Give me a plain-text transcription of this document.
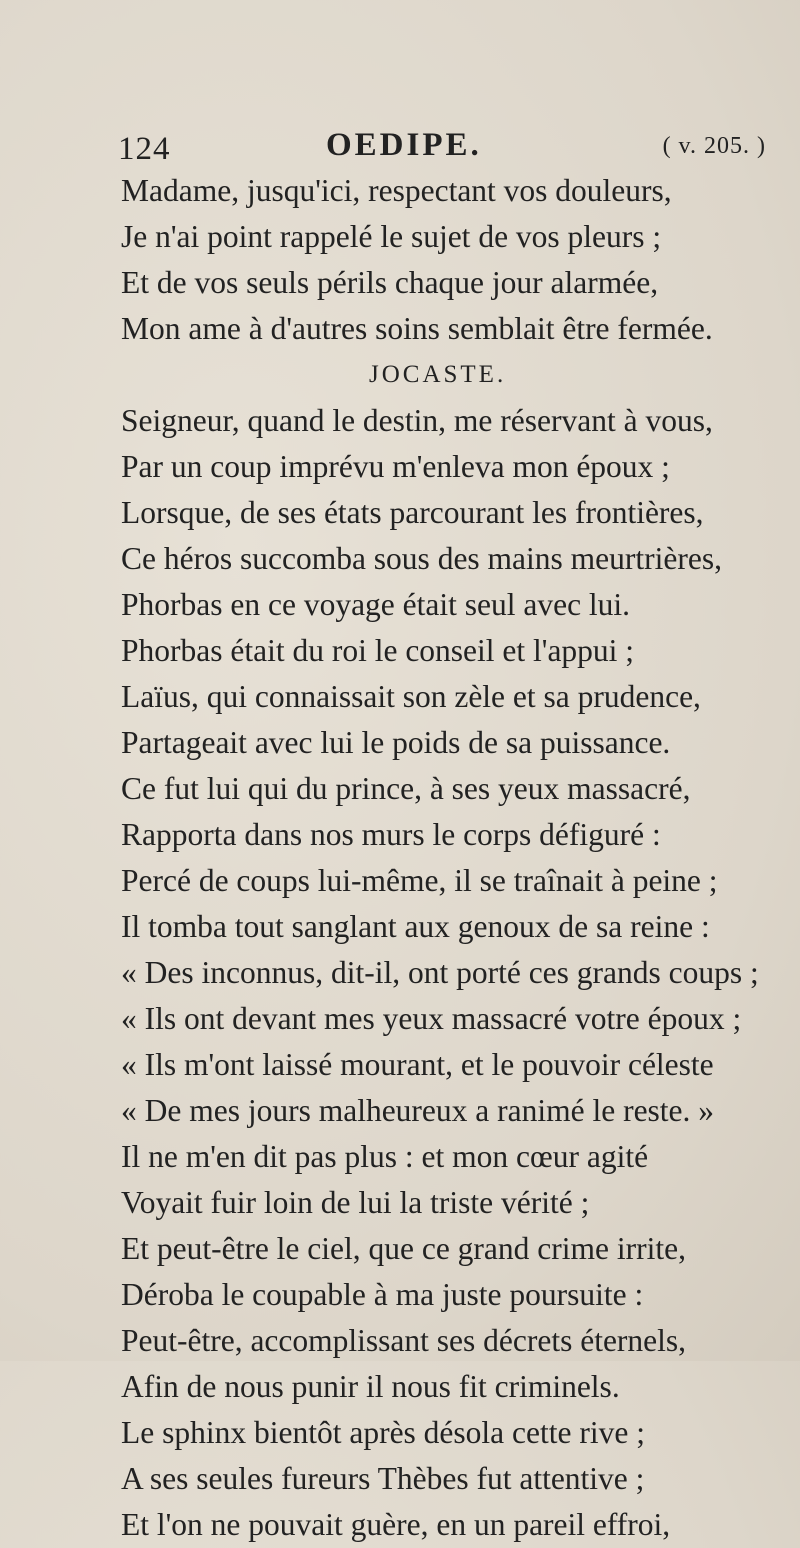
124	OEDIPE.	( v. 205. )
Madame, jusqu'ici, respectant vos douleurs,
Je n'ai point rappelé le sujet de vos pleurs ;
Et de vos seuls périls chaque jour alarmée,
Mon ame à d'autres soins semblait être fermée.
JOCASTE.
Seigneur, quand le destin, me réservant à vous,
Par un coup imprévu m'enleva mon époux ;
Lorsque, de ses états parcourant les frontières,
Ce héros succomba sous des mains meurtrières,
Phorbas en ce voyage était seul avec lui.
Phorbas était du roi le conseil et l'appui ;
Laïus, qui connaissait son zèle et sa prudence,
Partageait avec lui le poids de sa puissance.
Ce fut lui qui du prince, à ses yeux massacré,
Rapporta dans nos murs le corps défiguré :
Percé de coups lui-même, il se traînait à peine ;
Il tomba tout sanglant aux genoux de sa reine :
« Des inconnus, dit-il, ont porté ces grands coups ;
« Ils ont devant mes yeux massacré votre époux ;
« Ils m'ont laissé mourant, et le pouvoir céleste
« De mes jours malheureux a ranimé le reste. »
Il ne m'en dit pas plus : et mon cœur agité
Voyait fuir loin de lui la triste vérité ;
Et peut-être le ciel, que ce grand crime irrite,
Déroba le coupable à ma juste poursuite :
Peut-être, accomplissant ses décrets éternels,
Afin de nous punir il nous fit criminels.
Le sphinx bientôt après désola cette rive ;
A ses seules fureurs Thèbes fut attentive ;
Et l'on ne pouvait guère, en un pareil effroi,
